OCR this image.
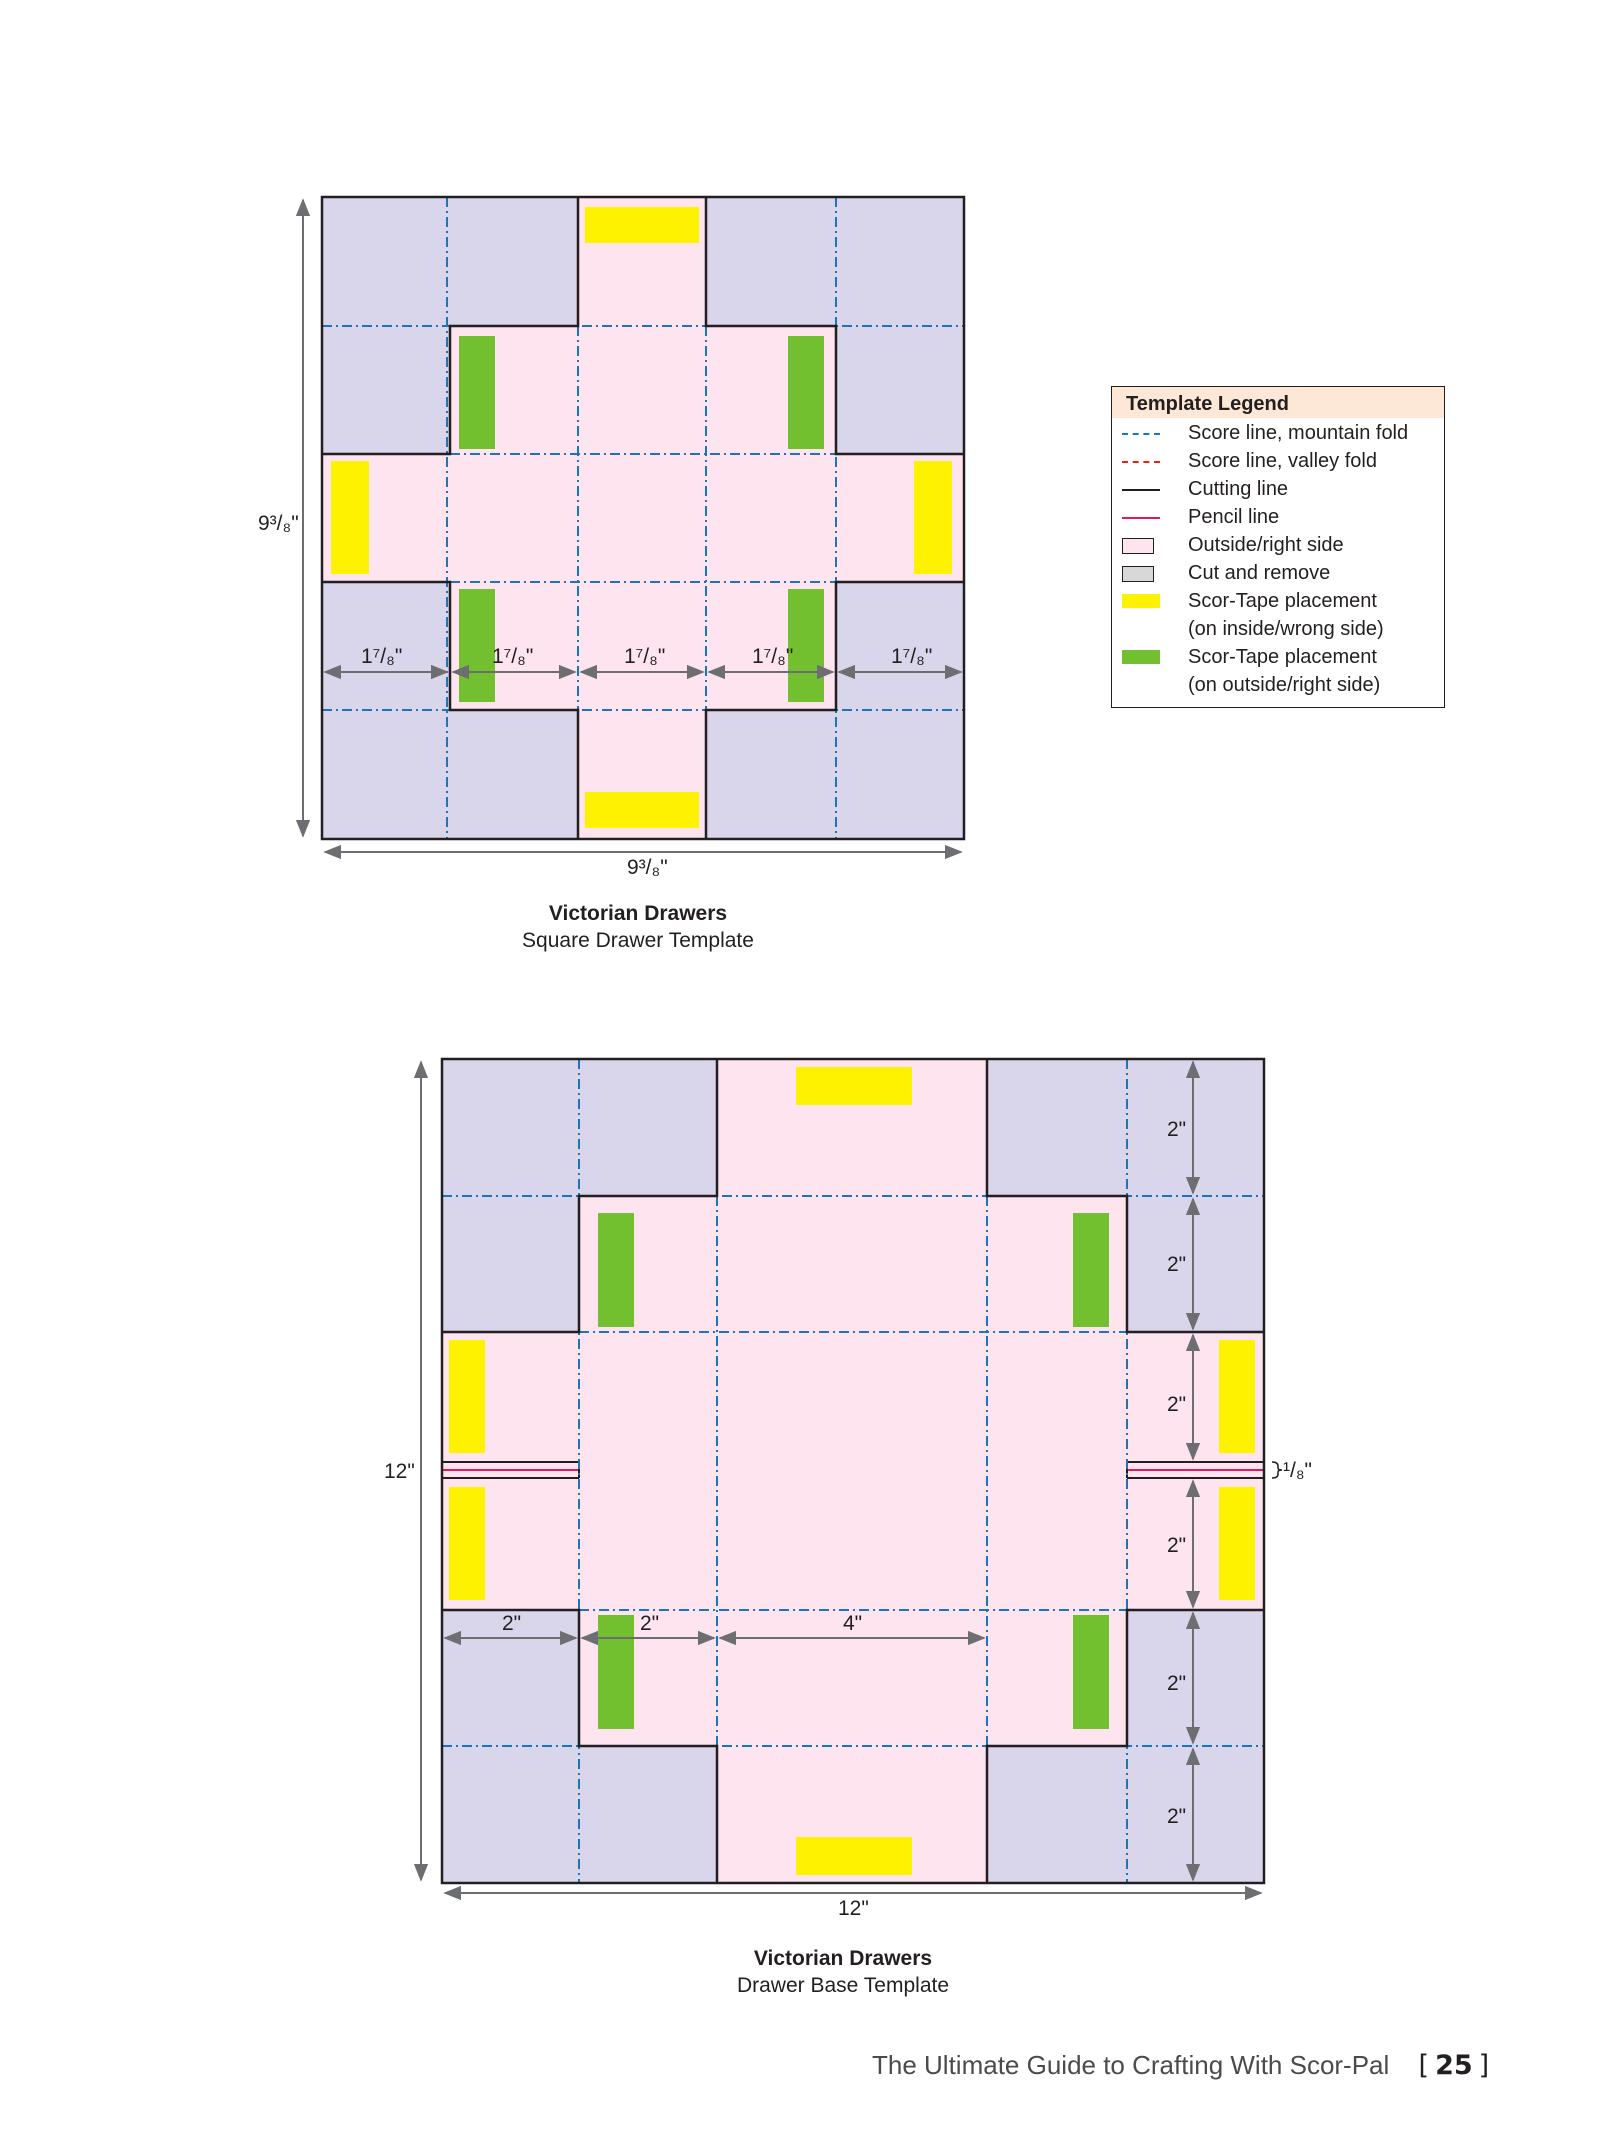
9³/₈"
9³/₈"
1⁷/₈"	1⁷/₈"	1⁷/₈"	1⁷/₈"	1⁷/₈"
12"
12"
2"
2"
2"
2"
2"
2"
¹/₈"
2"	2"	4"
Victorian Drawers
Square Drawer Template
Victorian Drawers
Drawer Base Template
Template Legend
Score line, mountain fold
Score line, valley fold
Cutting line
Pencil line
Outside/right side
Cut and remove
Scor-Tape placement
(on inside/wrong side)
Scor-Tape placement
(on outside/right side)
The Ultimate Guide to Crafting With Scor-Pal [ 25 ]
